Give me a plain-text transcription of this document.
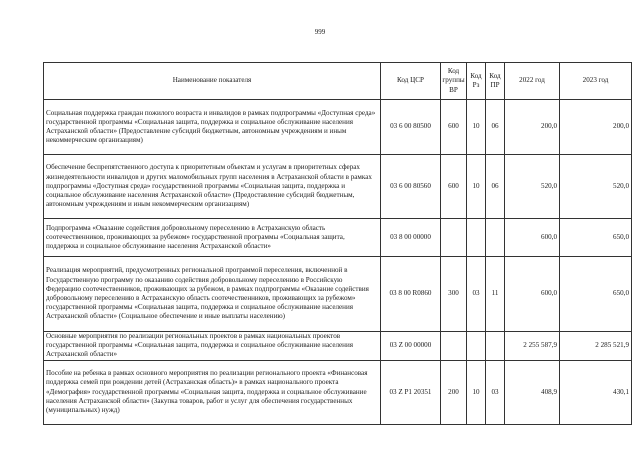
999
Наименование показателя	Код ЦСР	Код группы ВР	Код Рз	Код ПР	2022 год	2023 год
Социальная поддержка граждан пожилого возраста и инвалидов в рамках подпрограммы «Доступная среда» государственной программы «Социальная защита, поддержка и социальное обслуживание населения Астраханской области» (Предоставление субсидий бюджетным, автономным учреждениям и иным некоммерческим организациям)	03 6 00 80500	600	10	06	200,0	200,0
Обеспечение беспрепятственного доступа к приоритетным объектам и услугам в приоритетных сферах жизнедеятельности инвалидов и других маломобильных групп населения в Астраханской области в рамках подпрограммы «Доступная среда» государственной программы «Социальная защита, поддержка и социальное обслуживание населения Астраханской области» (Предоставление субсидий бюджетным, автономным учреждениям и иным некоммерческим организациям)	03 6 00 80560	600	10	06	520,0	520,0
Подпрограмма «Оказание содействия добровольному переселению в Астраханскую область соотечественников, проживающих за рубежом» государственной программы «Социальная защита, поддержка и социальное обслуживание населения Астраханской области»	03 8 00 00000				600,0	650,0
Реализация мероприятий, предусмотренных региональной программой переселения, включенной в Государственную программу по оказанию содействия добровольному переселению в Российскую Федерацию соотечественников, проживающих за рубежом, в рамках подпрограммы «Оказание содействия добровольному переселению в Астраханскую область соотечественников, проживающих за рубежом» государственной программы «Социальная защита, поддержка и социальное обслуживание населения Астраханской области» (Социальное обеспечение и иные выплаты населению)	03 8 00 R0860	300	03	11	600,0	650,0
Основные мероприятия по реализации региональных проектов в рамках национальных проектов государственной программы «Социальная защита, поддержка и социальное обслуживание населения Астраханской области»	03 Z 00 00000				2 255 587,9	2 285 521,9
Пособие на ребенка в рамках основного мероприятия по реализации регионального проекта «Финансовая поддержка семей при рождении детей (Астраханская область)» в рамках национального проекта «Демография» государственной программы «Социальная защита, поддержка и социальное обслуживание населения Астраханской области» (Закупка товаров, работ и услуг для обеспечения государственных (муниципальных) нужд)	03 Z P1 20351	200	10	03	408,9	430,1
